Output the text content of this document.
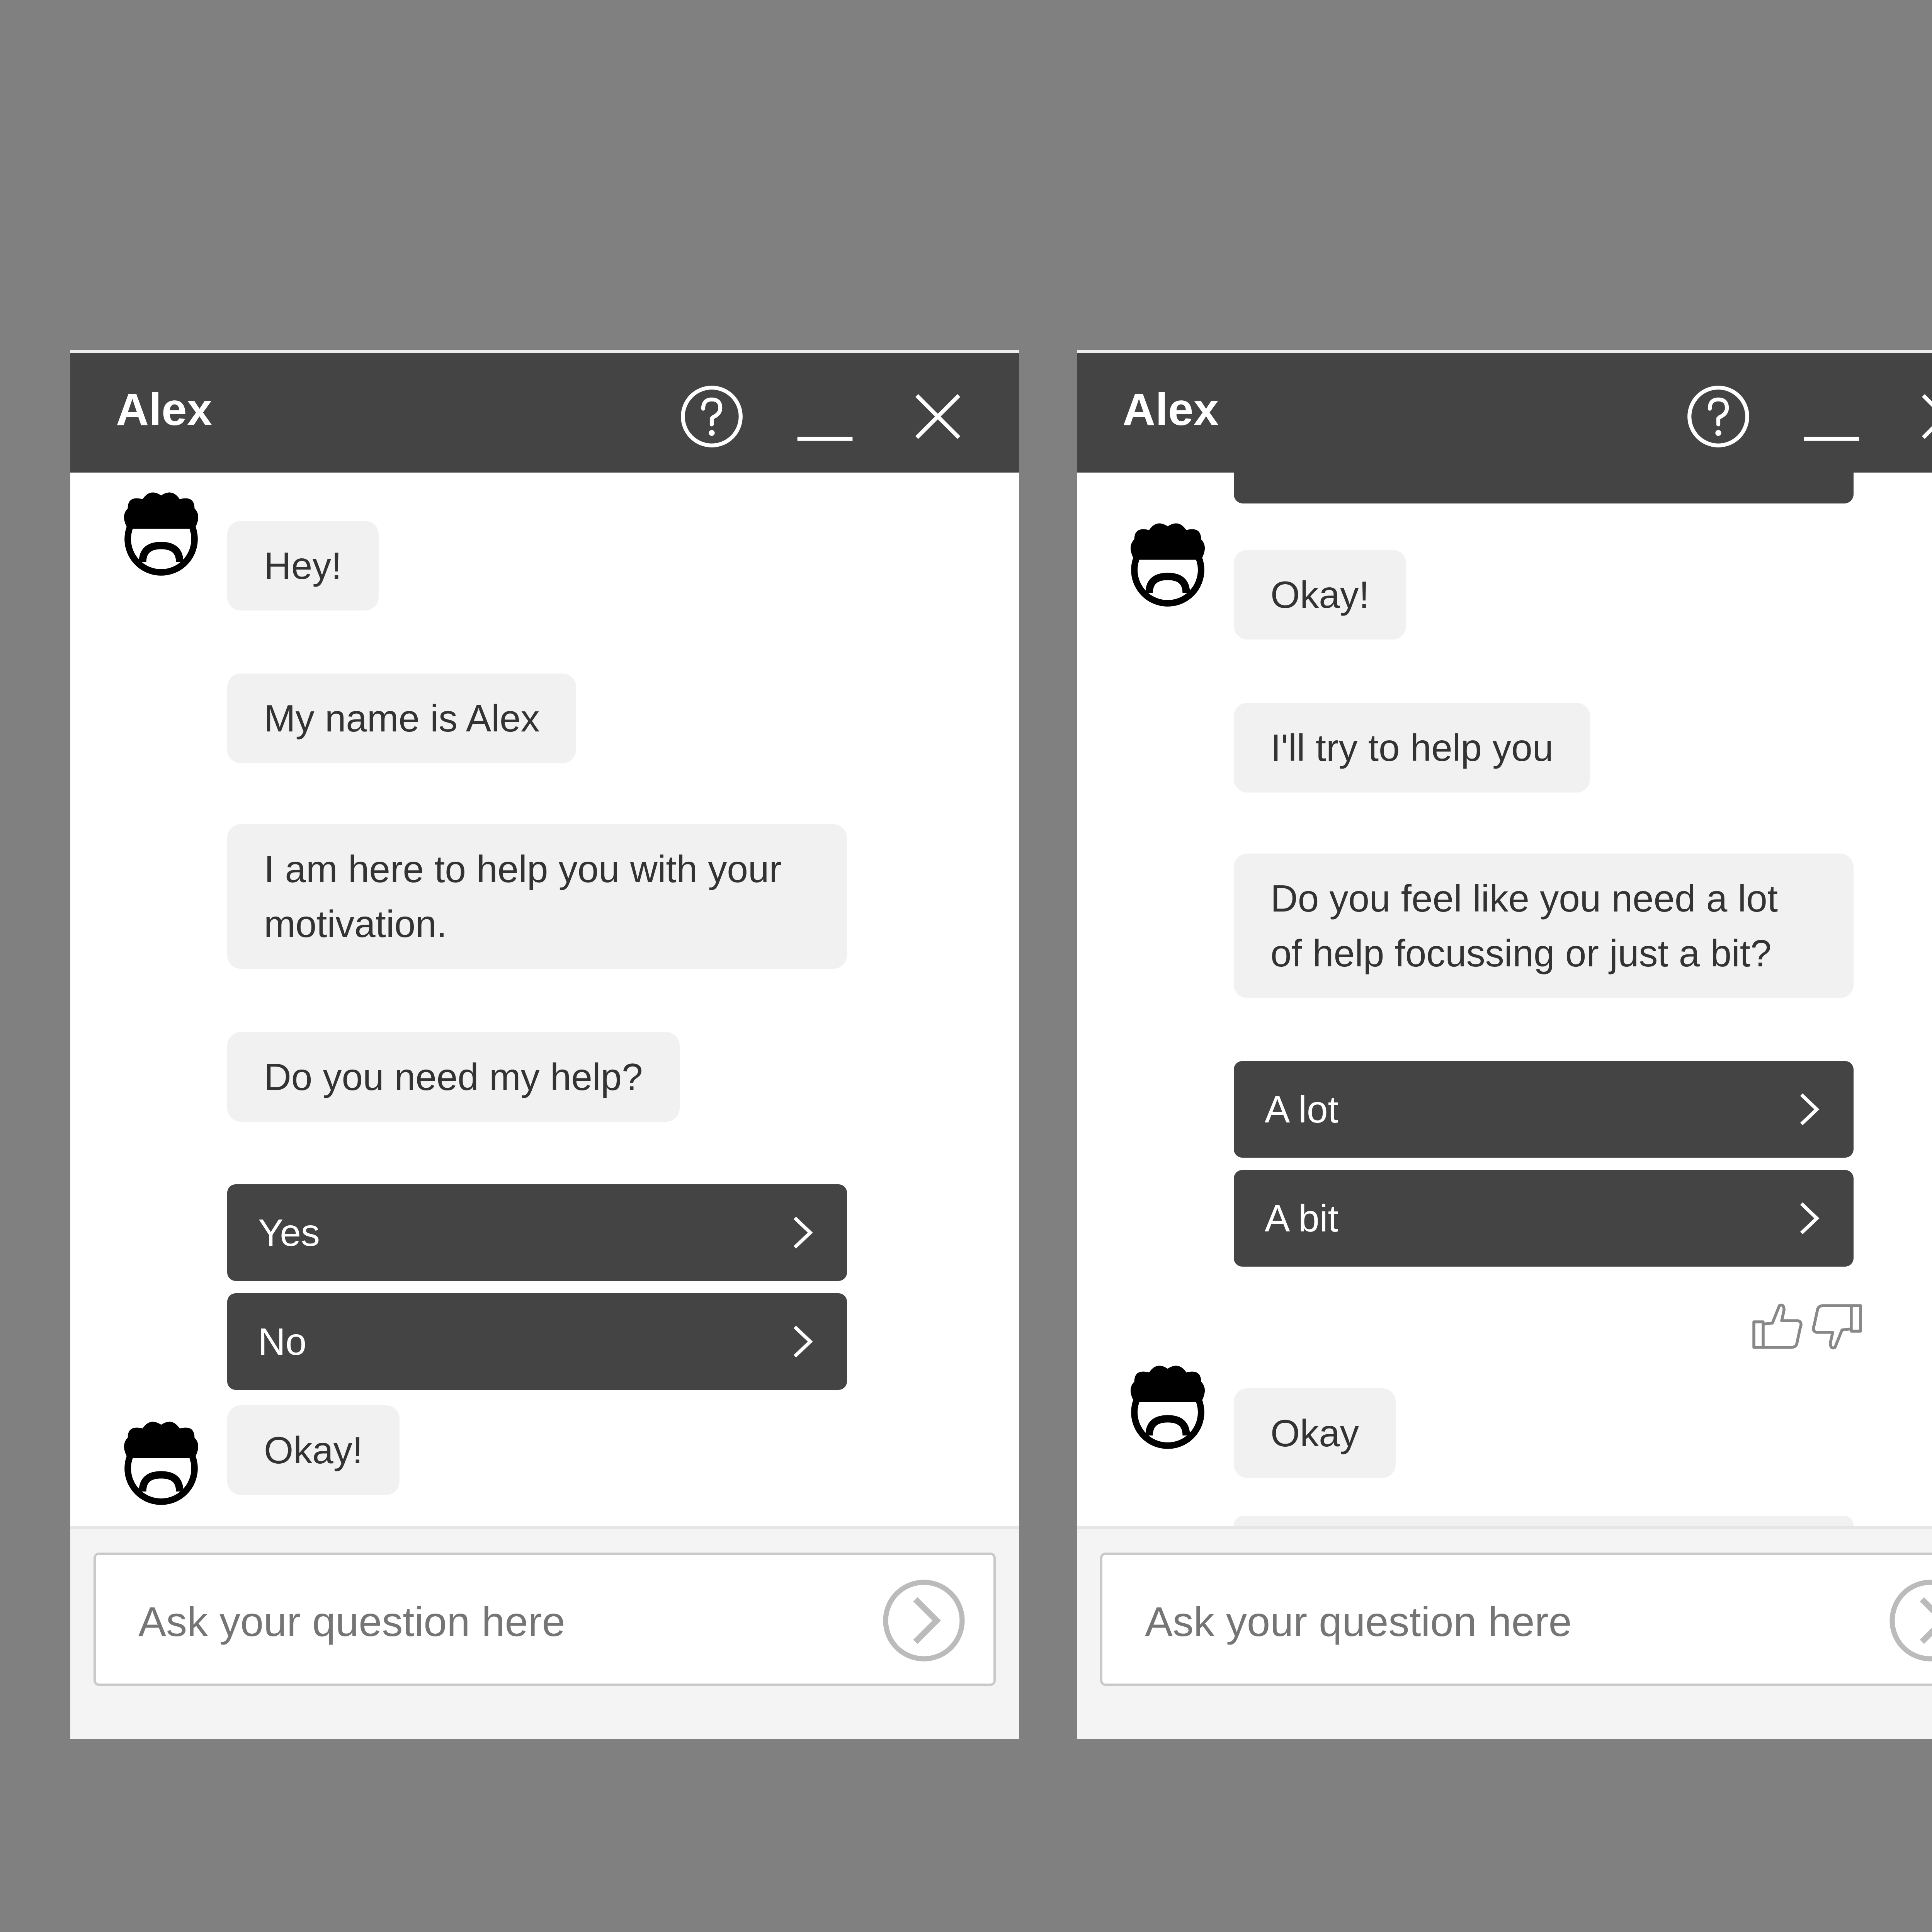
Alex
Hey!
My name is Alex
I am here to help you with your
motivation.
Do you need my help?
Yes
No
Okay!
Ask your question here
Alex
Okay!
I'll try to help you
Do you feel like you need a lot
of help focussing or just a bit?
A lot
A bit
Okay
Ask your question here
